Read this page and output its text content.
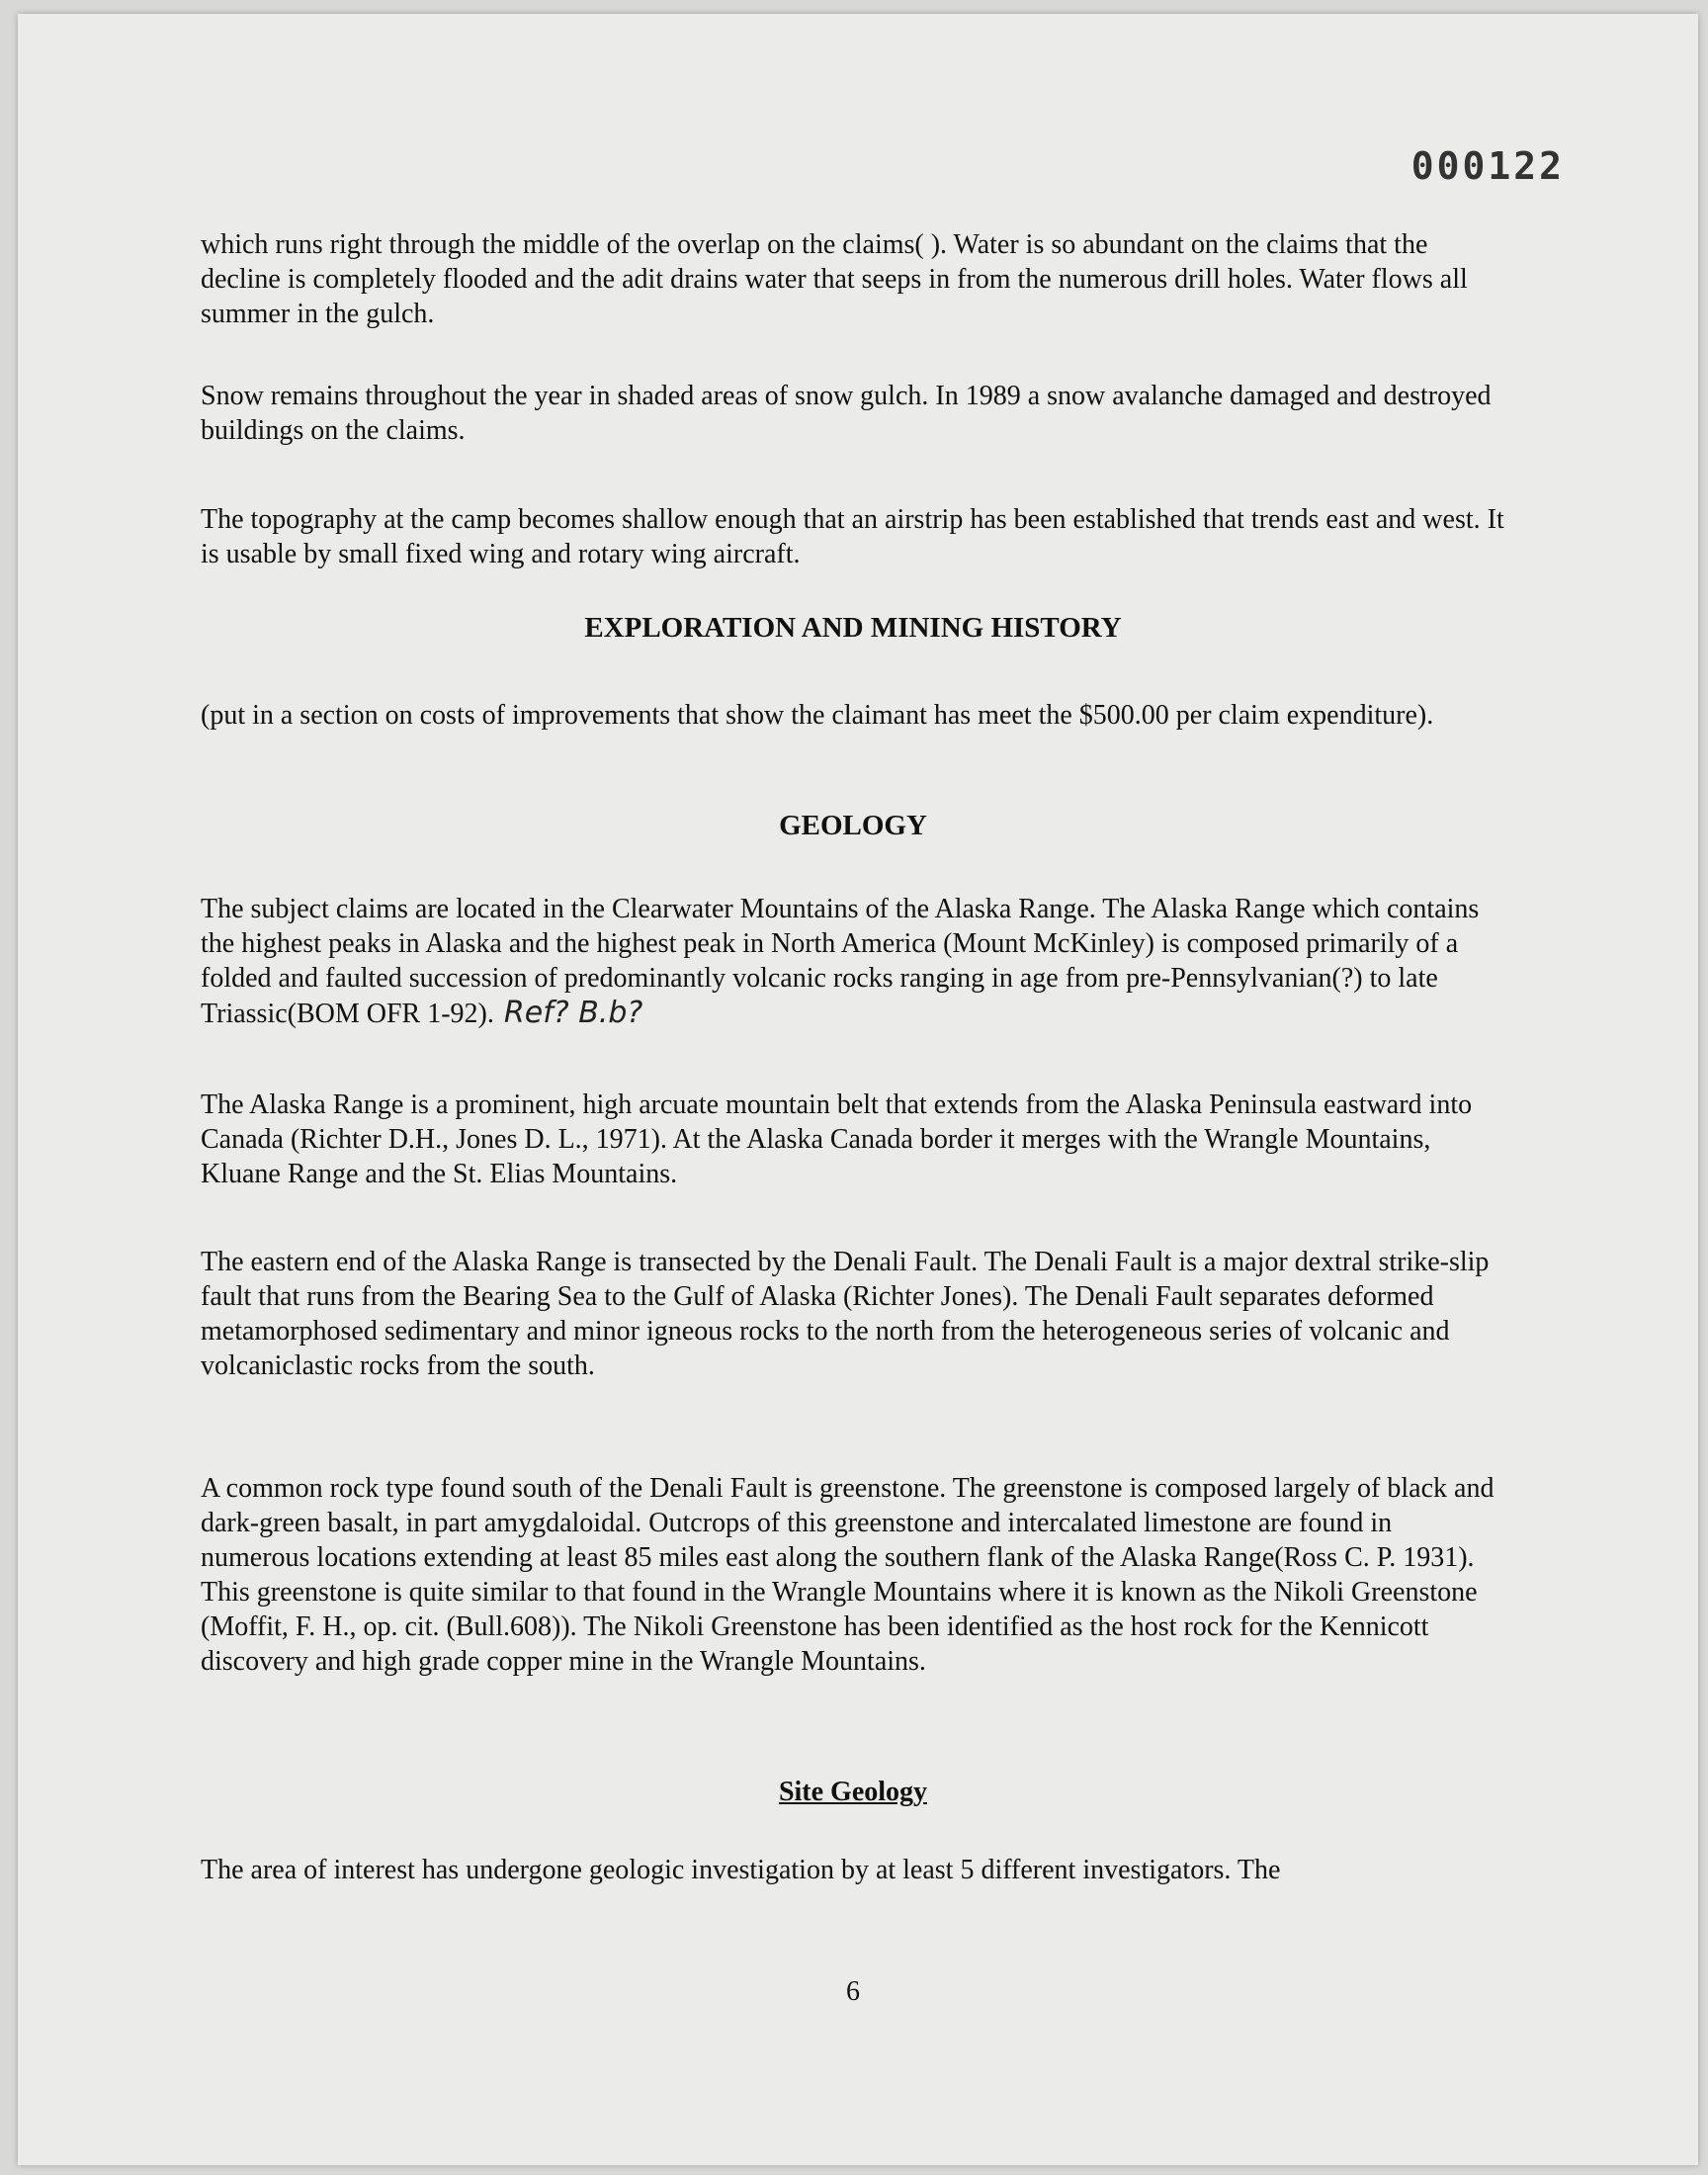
000122

which runs right through the middle of the overlap on the claims( ). Water is so abundant on the claims that the decline is completely flooded and the adit drains water that seeps in from the numerous drill holes. Water flows all summer in the gulch.

Snow remains throughout the year in shaded areas of snow gulch. In 1989 a snow avalanche damaged and destroyed buildings on the claims.

The topography at the camp becomes shallow enough that an airstrip has been established that trends east and west. It is usable by small fixed wing and rotary wing aircraft.

EXPLORATION AND MINING HISTORY

(put in a section on costs of improvements that show the claimant has meet the $500.00 per claim expenditure).

GEOLOGY

The subject claims are located in the Clearwater Mountains of the Alaska Range. The Alaska Range which contains the highest peaks in Alaska and the highest peak in North America (Mount McKinley) is composed primarily of a folded and faulted succession of predominantly volcanic rocks ranging in age from pre-Pennsylvanian(?) to late Triassic(BOM OFR 1-92). Ref? B.b?

The Alaska Range is a prominent, high arcuate mountain belt that extends from the Alaska Peninsula eastward into Canada (Richter D.H., Jones D. L., 1971). At the Alaska Canada border it merges with the Wrangle Mountains, Kluane Range and the St. Elias Mountains.

The eastern end of the Alaska Range is transected by the Denali Fault. The Denali Fault is a major dextral strike-slip fault that runs from the Bearing Sea to the Gulf of Alaska (Richter Jones). The Denali Fault separates deformed metamorphosed sedimentary and minor igneous rocks to the north from the heterogeneous series of volcanic and volcaniclastic rocks from the south.

A common rock type found south of the Denali Fault is greenstone. The greenstone is composed largely of black and dark-green basalt, in part amygdaloidal. Outcrops of this greenstone and intercalated limestone are found in numerous locations extending at least 85 miles east along the southern flank of the Alaska Range(Ross C. P. 1931). This greenstone is quite similar to that found in the Wrangle Mountains where it is known as the Nikoli Greenstone (Moffit, F. H., op. cit. (Bull.608)). The Nikoli Greenstone has been identified as the host rock for the Kennicott discovery and high grade copper mine in the Wrangle Mountains.

Site Geology

The area of interest has undergone geologic investigation by at least 5 different investigators. The

6
